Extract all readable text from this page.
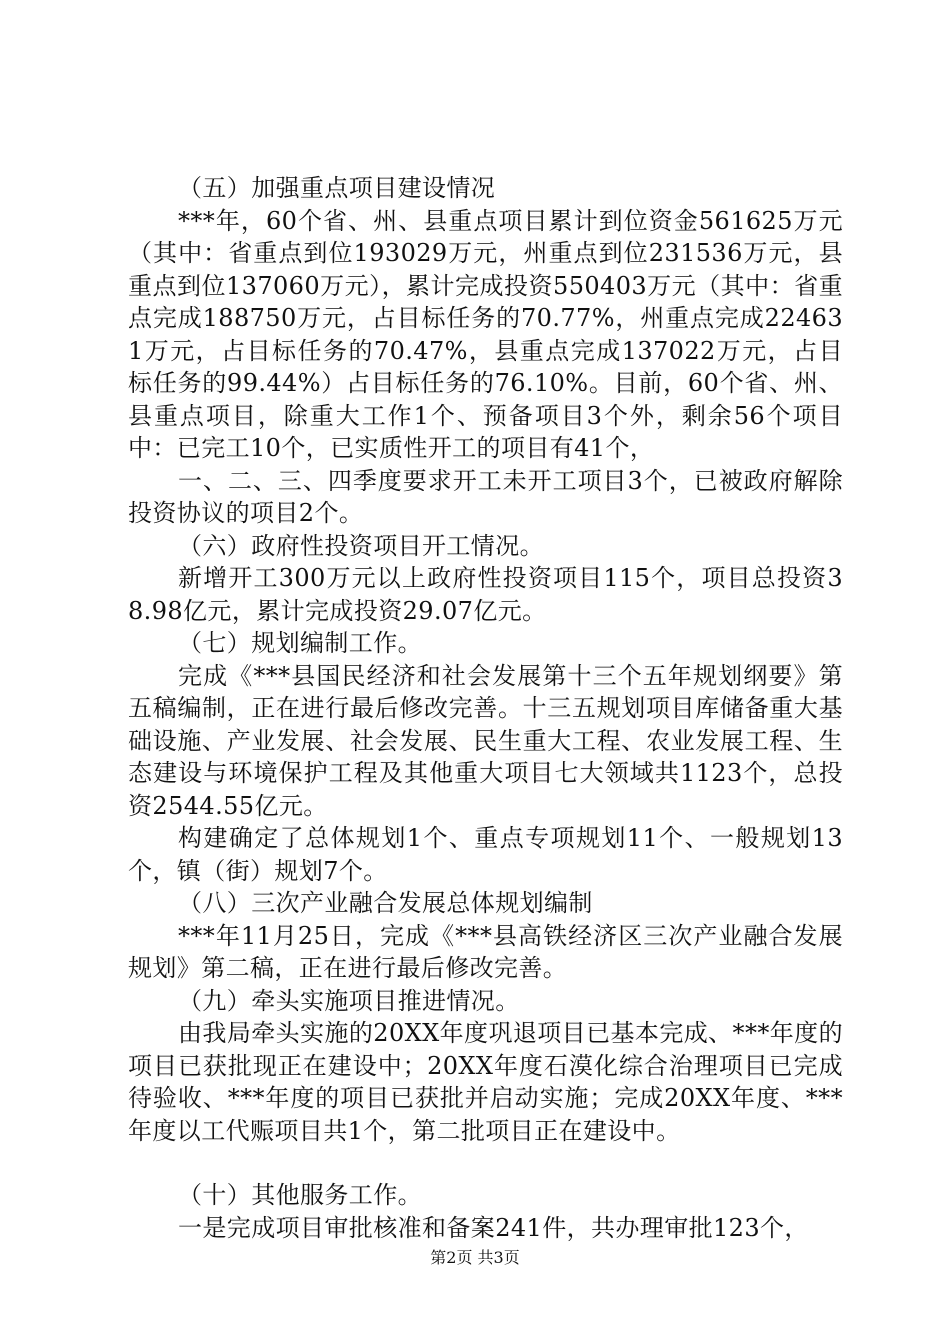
（五）加强重点项目建设情况

***年，60个省、州、县重点项目累计到位资金561625万元（其中：省重点到位193029万元，州重点到位231536万元，县重点到位137060万元），累计完成投资550403万元（其中：省重点完成188750万元，占目标任务的70.77%，州重点完成224631万元，占目标任务的70.47%，县重点完成137022万元，占目标任务的99.44%）占目标任务的76.10%。目前，60个省、州、县重点项目，除重大工作1个、预备项目3个外，剩余56个项目中：已完工10个，已实质性开工的项目有41个，

一、二、三、四季度要求开工未开工项目3个，已被政府解除投资协议的项目2个。

（六）政府性投资项目开工情况。

新增开工300万元以上政府性投资项目115个，项目总投资38.98亿元，累计完成投资29.07亿元。

（七）规划编制工作。

完成《***县国民经济和社会发展第十三个五年规划纲要》第五稿编制，正在进行最后修改完善。十三五规划项目库储备重大基础设施、产业发展、社会发展、民生重大工程、农业发展工程、生态建设与环境保护工程及其他重大项目七大领域共1123个，总投资2544.55亿元。

构建确定了总体规划1个、重点专项规划11个、一般规划13个，镇（街）规划7个。

（八）三次产业融合发展总体规划编制

***年11月25日，完成《***县高铁经济区三次产业融合发展规划》第二稿，正在进行最后修改完善。

（九）牵头实施项目推进情况。

由我局牵头实施的20XX年度巩退项目已基本完成、***年度的项目已获批现正在建设中；20XX年度石漠化综合治理项目已完成待验收、***年度的项目已获批并启动实施；完成20XX年度、***年度以工代赈项目共1个，第二批项目正在建设中。

（十）其他服务工作。

一是完成项目审批核准和备案241件，共办理审批123个，

第2页 共3页
